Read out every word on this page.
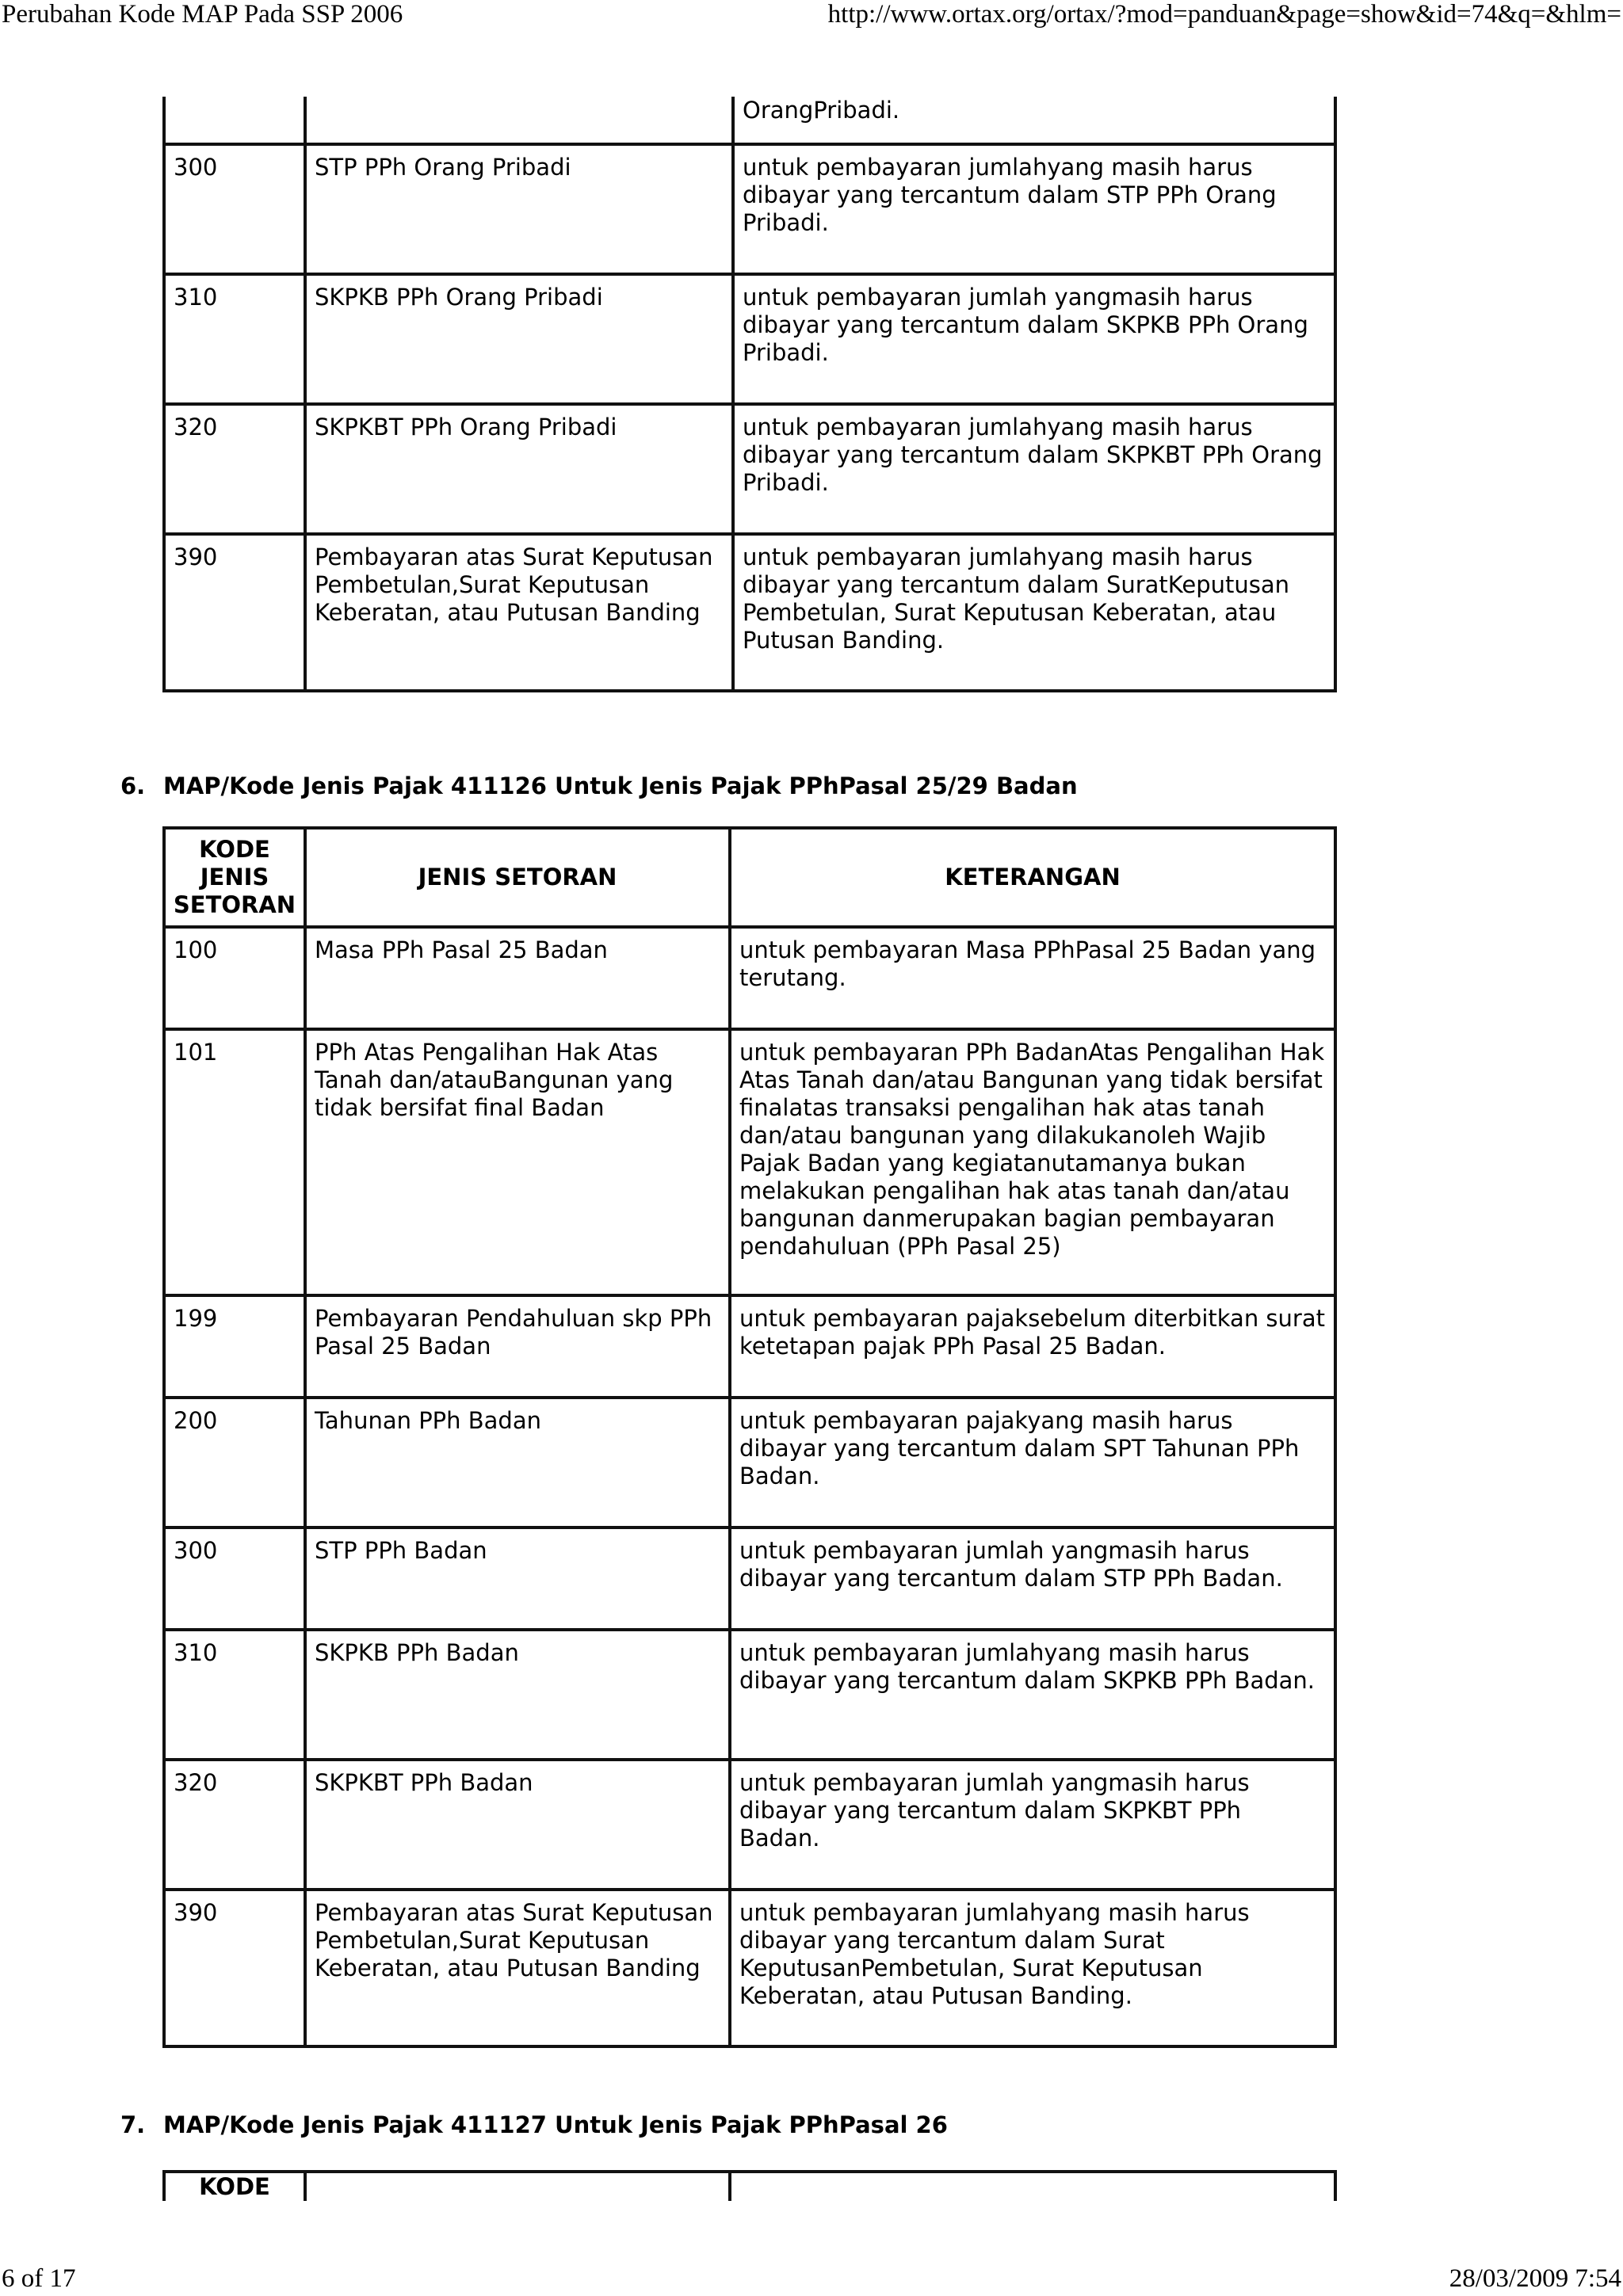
Perubahan Kode MAP Pada SSP 2006	http://www.ortax.org/ortax/?mod=panduan&page=show&id=74&q=&hlm=
		OrangPribadi.
300	STP PPh Orang Pribadi	untuk pembayaran jumlahyang masih harus dibayar yang tercantum dalam STP PPh Orang Pribadi.
310	SKPKB PPh Orang Pribadi	untuk pembayaran jumlah yangmasih harus dibayar yang tercantum dalam SKPKB PPh Orang Pribadi.
320	SKPKBT PPh Orang Pribadi	untuk pembayaran jumlahyang masih harus dibayar yang tercantum dalam SKPKBT PPh Orang Pribadi.
390	Pembayaran atas Surat Keputusan Pembetulan,Surat Keputusan Keberatan, atau Putusan Banding	untuk pembayaran jumlahyang masih harus dibayar yang tercantum dalam SuratKeputusan Pembetulan, Surat Keputusan Keberatan, atau Putusan Banding.
6. MAP/Kode Jenis Pajak 411126 Untuk Jenis Pajak PPhPasal 25/29 Badan
KODE JENIS SETORAN	JENIS SETORAN	KETERANGAN
100	Masa PPh Pasal 25 Badan	untuk pembayaran Masa PPhPasal 25 Badan yang terutang.
101	PPh Atas Pengalihan Hak Atas Tanah dan/atauBangunan yang tidak bersifat final Badan	untuk pembayaran PPh BadanAtas Pengalihan Hak Atas Tanah dan/atau Bangunan yang tidak bersifat finalatas transaksi pengalihan hak atas tanah dan/atau bangunan yang dilakukanoleh Wajib Pajak Badan yang kegiatanutamanya bukan melakukan pengalihan hak atas tanah dan/atau bangunan danmerupakan bagian pembayaran pendahuluan (PPh Pasal 25)
199	Pembayaran Pendahuluan skp PPh Pasal 25 Badan	untuk pembayaran pajaksebelum diterbitkan surat ketetapan pajak PPh Pasal 25 Badan.
200	Tahunan PPh Badan	untuk pembayaran pajakyang masih harus dibayar yang tercantum dalam SPT Tahunan PPh Badan.
300	STP PPh Badan	untuk pembayaran jumlah yangmasih harus dibayar yang tercantum dalam STP PPh Badan.
310	SKPKB PPh Badan	untuk pembayaran jumlahyang masih harus dibayar yang tercantum dalam SKPKB PPh Badan.
320	SKPKBT PPh Badan	untuk pembayaran jumlah yangmasih harus dibayar yang tercantum dalam SKPKBT PPh Badan.
390	Pembayaran atas Surat Keputusan Pembetulan,Surat Keputusan Keberatan, atau Putusan Banding	untuk pembayaran jumlahyang masih harus dibayar yang tercantum dalam Surat KeputusanPembetulan, Surat Keputusan Keberatan, atau Putusan Banding.
7. MAP/Kode Jenis Pajak 411127 Untuk Jenis Pajak PPhPasal 26
KODE		
6 of 17	28/03/2009 7:54
